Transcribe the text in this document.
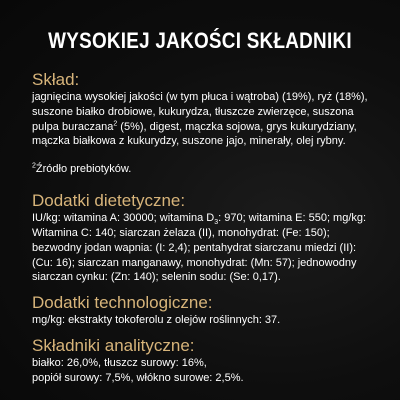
WYSOKIEJ JAKOŚCI SKŁADNIKI
Skład:

jagnięcina wysokiej jakości (w tym płuca i wątroba) (19%), ryż (18%), suszone białko drobiowe, kukurydza, tłuszcze zwierzęce, suszona pulpa buraczana$^2$ (5%), digest, mączka sojowa, grys kukurydziany, mączka białkowa z kukurydzy, suszone jajo, minerały, olej rybny.

$^2$Źródło prebiotyków.

Dodatki dietetyczne:

IU/kg: witamina A: 30000; witamina $D_3$: 970; witamina E: 550; mg/kg: Witamina C: 140; siarczan żelaza (II), monohydrat: (Fe: 150); bezwodny jodan wapnia: (I: 2,4); pentahydrat siarczanu miedzi (II): (Cu: 16); siarczan manganawy, monohydrat: (Mn: 57); jednowodny siarczan cynku: (Zn: 140); selenin sodu: (Se: 0,17).

Dodatki technologiczne:

mg/kg: ekstrakty tokoferolu z olejów roślinnych: 37.

Składniki analityczne:

białko: 26,0%, tłuszcz surowy: 16%,

popiół surowy: 7,5%, włókno surowe: 2,5%.
